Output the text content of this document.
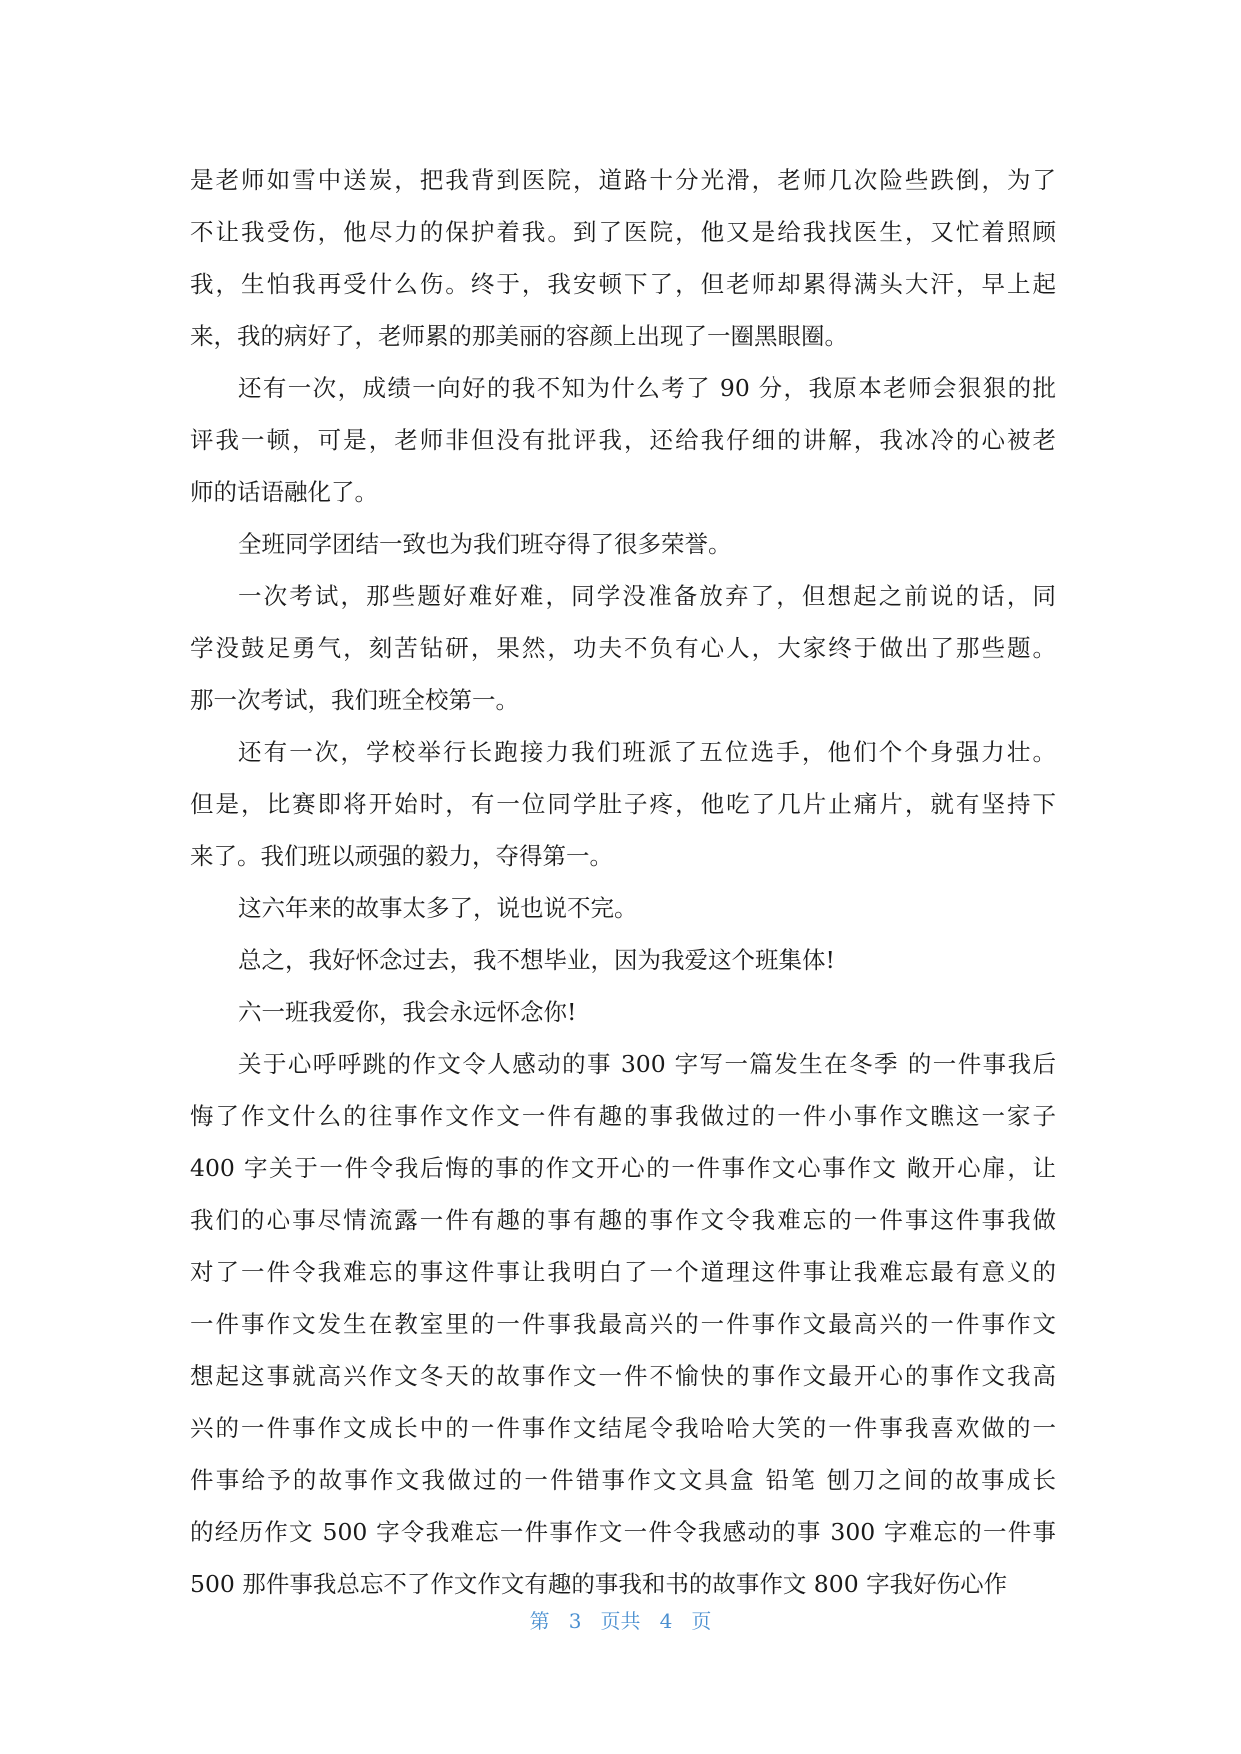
是老师如雪中送炭，把我背到医院，道路十分光滑，老师几次险些跌倒，为了
不让我受伤，他尽力的保护着我。到了医院，他又是给我找医生，又忙着照顾
我，生怕我再受什么伤。终于，我安顿下了，但老师却累得满头大汗，早上起
来，我的病好了，老师累的那美丽的容颜上出现了一圈黑眼圈。
还有一次，成绩一向好的我不知为什么考了 90 分，我原本老师会狠狠的批
评我一顿，可是，老师非但没有批评我，还给我仔细的讲解，我冰冷的心被老
师的话语融化了。
全班同学团结一致也为我们班夺得了很多荣誉。
一次考试，那些题好难好难，同学没准备放弃了，但想起之前说的话，同
学没鼓足勇气，刻苦钻研，果然，功夫不负有心人，大家终于做出了那些题。
那一次考试，我们班全校第一。
还有一次，学校举行长跑接力我们班派了五位选手，他们个个身强力壮。
但是，比赛即将开始时，有一位同学肚子疼，他吃了几片止痛片，就有坚持下
来了。我们班以顽强的毅力，夺得第一。
这六年来的故事太多了，说也说不完。
总之，我好怀念过去，我不想毕业，因为我爱这个班集体!
六一班我爱你，我会永远怀念你!
关于心呼呼跳的作文令人感动的事 300 字写一篇发生在冬季 的一件事我后
悔了作文什么的往事作文作文一件有趣的事我做过的一件小事作文瞧这一家子
400 字关于一件令我后悔的事的作文开心的一件事作文心事作文 敞开心扉，让
我们的心事尽情流露一件有趣的事有趣的事作文令我难忘的一件事这件事我做
对了一件令我难忘的事这件事让我明白了一个道理这件事让我难忘最有意义的
一件事作文发生在教室里的一件事我最高兴的一件事作文最高兴的一件事作文
想起这事就高兴作文冬天的故事作文一件不愉快的事作文最开心的事作文我高
兴的一件事作文成长中的一件事作文结尾令我哈哈大笑的一件事我喜欢做的一
件事给予的故事作文我做过的一件错事作文文具盒 铅笔 刨刀之间的故事成长
的经历作文 500 字令我难忘一件事作文一件令我感动的事 300 字难忘的一件事
500 那件事我总忘不了作文作文有趣的事我和书的故事作文 800 字我好伤心作
第 3 页共 4 页
